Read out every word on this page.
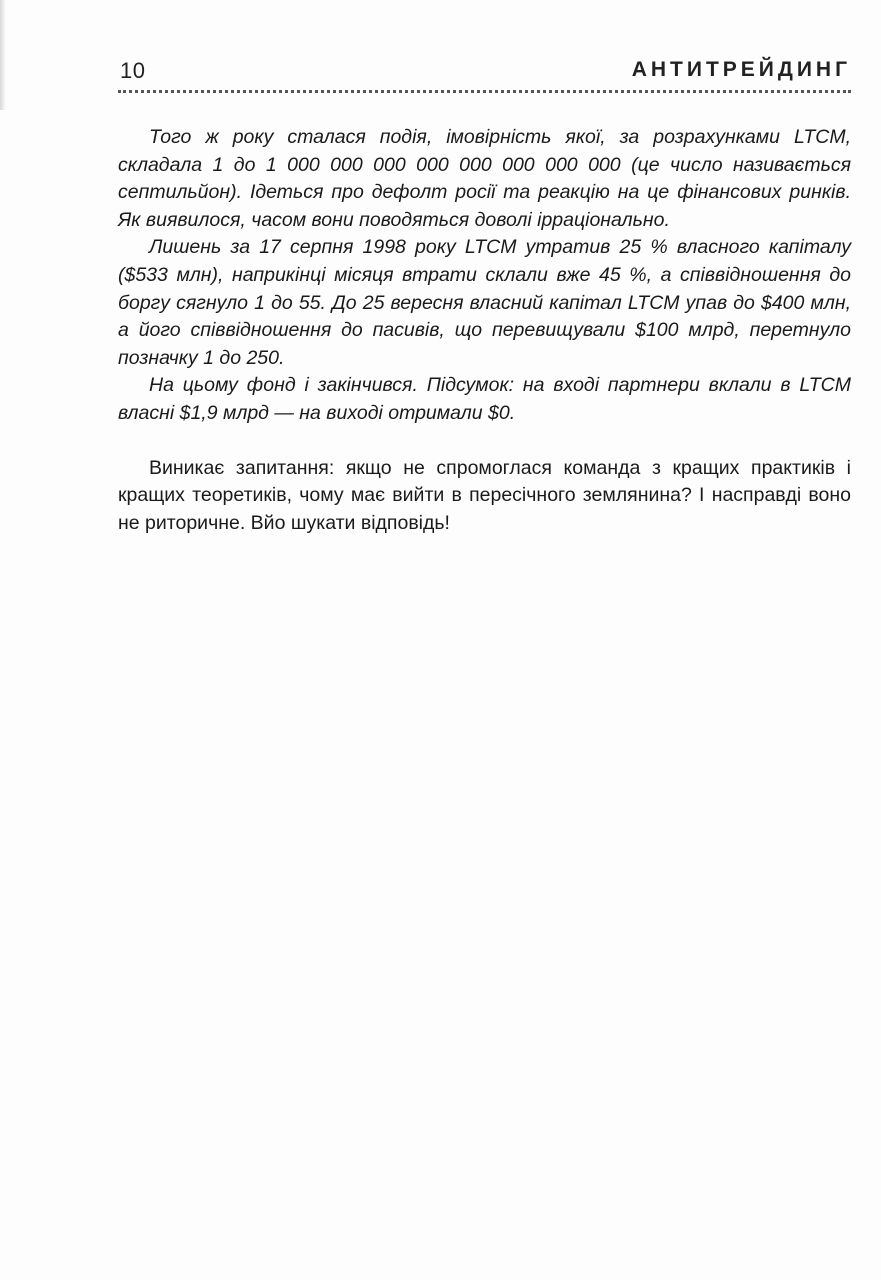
10	АНТИТРЕЙДИНГ

Того ж року сталася подія, імовірність якої, за розрахунками LTCM, складала 1 до 1 000 000 000 000 000 000 000 000 (це число називається септильйон). Ідеться про дефолт росії та реакцію на це фінансових ринків. Як виявилося, часом вони поводяться доволі ірраціонально.

Лишень за 17 серпня 1998 року LTCM утратив 25 % власного капіталу ($533 млн), наприкінці місяця втрати склали вже 45 %, а співвідношення до боргу сягнуло 1 до 55. До 25 вересня власний капітал LTCM упав до $400 млн, а його співвідношення до пасивів, що перевищували $100 млрд, перетнуло позначку 1 до 250.

На цьому фонд і закінчився. Підсумок: на вході партнери вклали в LTCM власні $1,9 млрд — на виході отримали $0.

Виникає запитання: якщо не спромоглася команда з кращих практиків і кращих теоретиків, чому має вийти в пересічного землянина? І насправді воно не риторичне. Вйо шукати відповідь!
